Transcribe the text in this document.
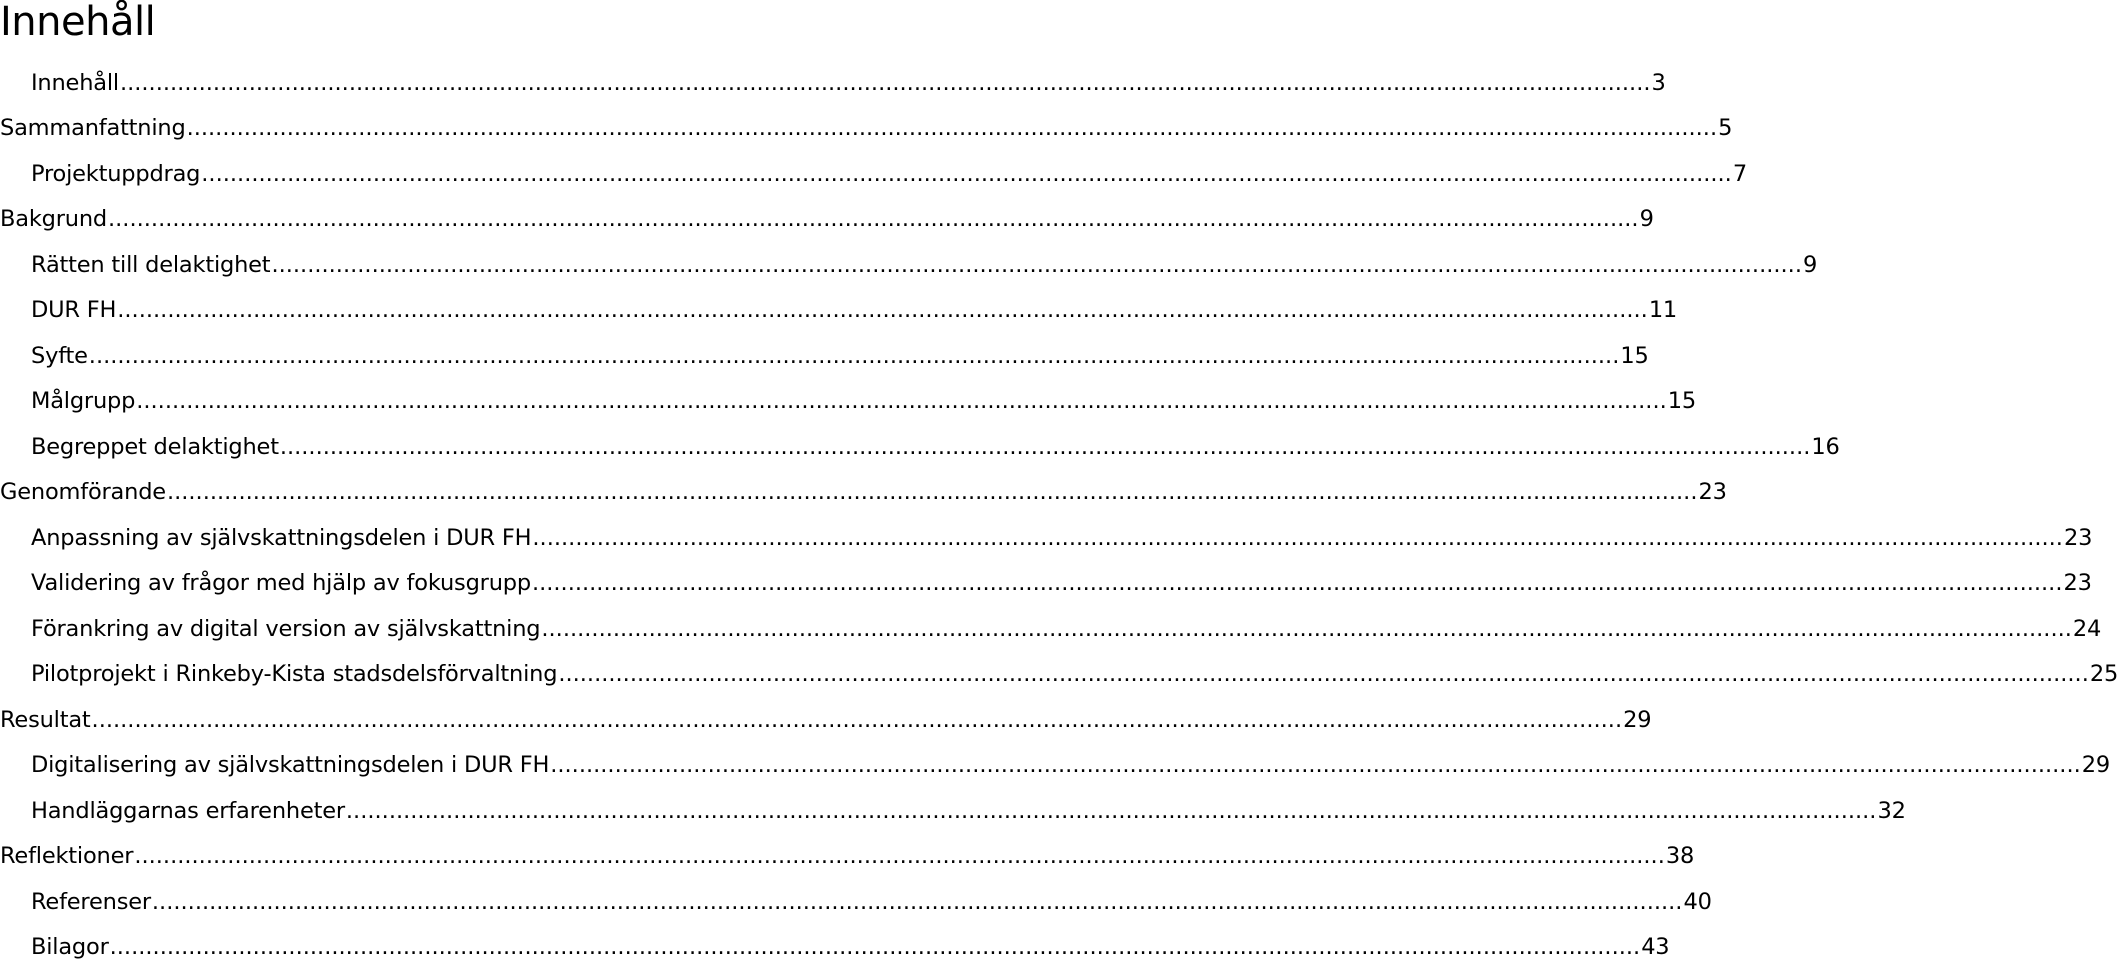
Innehåll
Innehåll .....	3
Sammanfattning .....	5
Projektuppdrag .....	7
Bakgrund .....	9
Rätten till delaktighet .....	9
DUR FH .....	11
Syfte .....	15
Målgrupp .....	15
Begreppet delaktighet .....	16
Genomförande .....	23
Anpassning av självskattningsdelen i DUR FH .....	23
Validering av frågor med hjälp av fokusgrupp .....	23
Förankring av digital version av självskattning .....	24
Pilotprojekt i Rinkeby-Kista stadsdelsförvaltning .....	25
Resultat .....	29
Digitalisering av självskattningsdelen i DUR FH .....	29
Handläggarnas erfarenheter .....	32
Reflektioner .....	38
Referenser .....	40
Bilagor .....	43
